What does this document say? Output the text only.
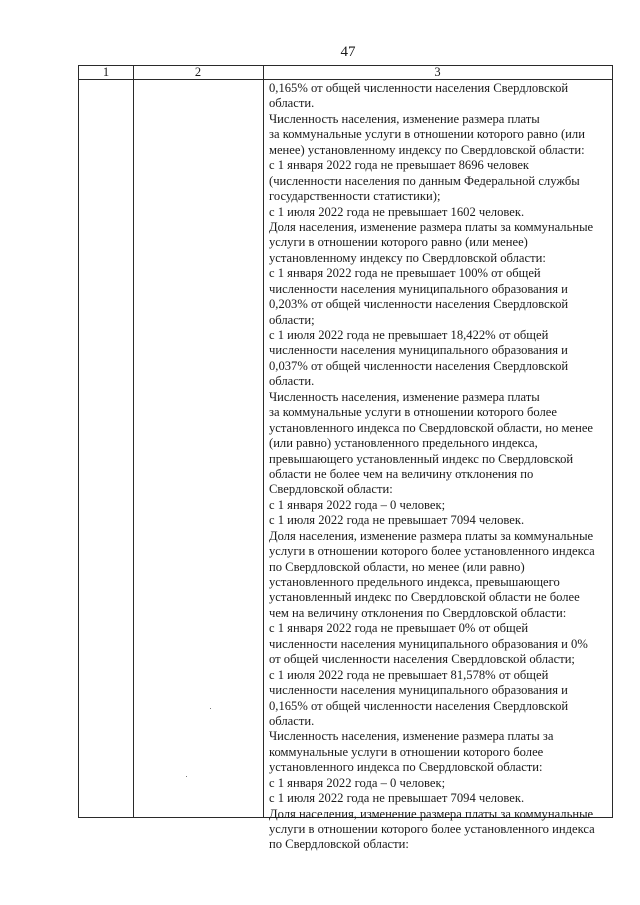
47
1	2	3
0,165% от общей численности населения Свердловской
области.
Численность населения, изменение размера платы
за коммунальные услуги в отношении которого равно (или
менее) установленному индексу по Свердловской области:
с 1 января 2022 года не превышает 8696 человек
(численности населения по данным Федеральной службы
государственности статистики);
с 1 июля 2022 года не превышает 1602 человек.
Доля населения, изменение размера платы за коммунальные
услуги в отношении которого равно (или менее)
установленному индексу по Свердловской области:
с 1 января 2022 года не превышает 100% от общей
численности населения муниципального образования и
0,203% от общей численности населения Свердловской
области;
с 1 июля 2022 года не превышает 18,422% от общей
численности населения муниципального образования и
0,037% от общей численности населения Свердловской
области.
Численность населения, изменение размера платы
за коммунальные услуги в отношении которого более
установленного индекса по Свердловской области, но менее
(или равно) установленного предельного индекса,
превышающего установленный индекс по Свердловской
области не более чем на величину отклонения по
Свердловской области:
с 1 января 2022 года – 0 человек;
с 1 июля 2022 года не превышает 7094 человек.
Доля населения, изменение размера платы за коммунальные
услуги в отношении которого более установленного индекса
по Свердловской области, но менее (или равно)
установленного предельного индекса, превышающего
установленный индекс по Свердловской области не более
чем на величину отклонения по Свердловской области:
с 1 января 2022 года не превышает 0% от общей
численности населения муниципального образования и 0%
от общей численности населения Свердловской области;
с 1 июля 2022 года не превышает 81,578% от общей
численности населения муниципального образования и
0,165% от общей численности населения Свердловской
области.
Численность населения, изменение размера платы за
коммунальные услуги в отношении которого более
установленного индекса по Свердловской области:
с 1 января 2022 года – 0 человек;
с 1 июля 2022 года не превышает 7094 человек.
Доля населения, изменение размера платы за коммунальные
услуги в отношении которого более установленного индекса
по Свердловской области:
